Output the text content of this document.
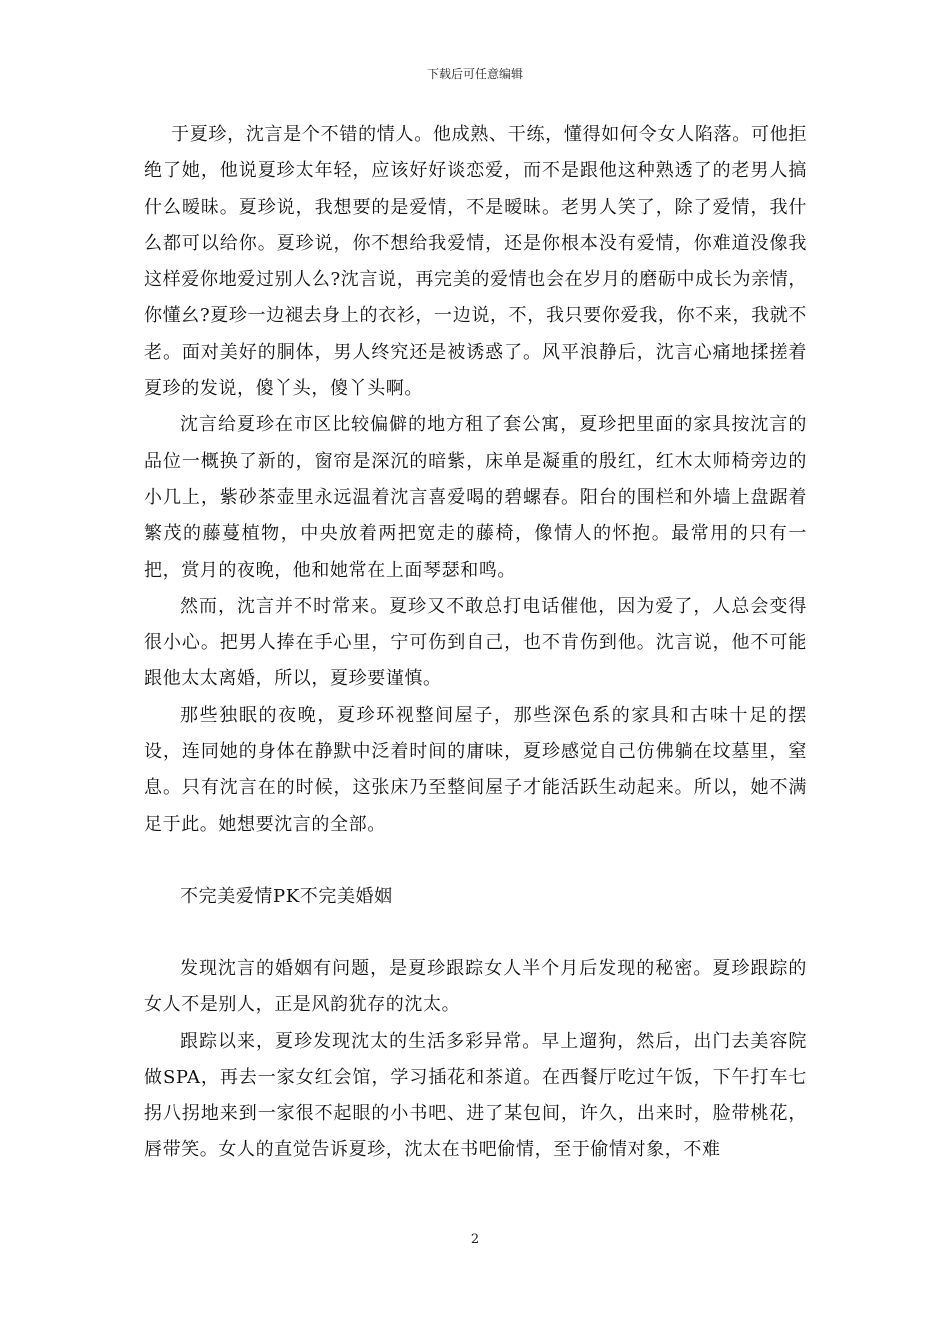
下载后可任意编辑

于夏珍，沈言是个不错的情人。他成熟、干练，懂得如何令女人陷落。可他拒绝了她，他说夏珍太年轻，应该好好谈恋爱，而不是跟他这种熟透了的老男人搞什么暧昧。夏珍说，我想要的是爱情，不是暧昧。老男人笑了，除了爱情，我什么都可以给你。夏珍说，你不想给我爱情，还是你根本没有爱情，你难道没像我这样爱你地爱过别人么?沈言说，再完美的爱情也会在岁月的磨砺中成长为亲情，你懂幺?夏珍一边褪去身上的衣衫，一边说，不，我只要你爱我，你不来，我就不老。面对美好的胴体，男人终究还是被诱惑了。风平浪静后，沈言心痛地揉搓着夏珍的发说，傻丫头，傻丫头啊。

沈言给夏珍在市区比较偏僻的地方租了套公寓，夏珍把里面的家具按沈言的品位一概换了新的，窗帘是深沉的暗紫，床单是凝重的殷红，红木太师椅旁边的小几上，紫砂茶壶里永远温着沈言喜爱喝的碧螺春。阳台的围栏和外墙上盘踞着繁茂的藤蔓植物，中央放着两把宽走的藤椅，像情人的怀抱。最常用的只有一把，赏月的夜晚，他和她常在上面琴瑟和鸣。

然而，沈言并不时常来。夏珍又不敢总打电话催他，因为爱了，人总会变得很小心。把男人捧在手心里，宁可伤到自己，也不肯伤到他。沈言说，他不可能跟他太太离婚，所以，夏珍要谨慎。

那些独眠的夜晚，夏珍环视整间屋子，那些深色系的家具和古味十足的摆设，连同她的身体在静默中泛着时间的庸味，夏珍感觉自己仿佛躺在坟墓里，窒息。只有沈言在的时候，这张床乃至整间屋子才能活跃生动起来。所以，她不满足于此。她想要沈言的全部。

不完美爱情PK不完美婚姻

发现沈言的婚姻有问题，是夏珍跟踪女人半个月后发现的秘密。夏珍跟踪的女人不是别人，正是风韵犹存的沈太。

跟踪以来，夏珍发现沈太的生活多彩异常。早上遛狗，然后，出门去美容院做SPA，再去一家女红会馆，学习插花和茶道。在西餐厅吃过午饭，下午打车七拐八拐地来到一家很不起眼的小书吧、进了某包间，许久，出来时，脸带桃花，唇带笑。女人的直觉告诉夏珍，沈太在书吧偷情，至于偷情对象，不难

2
